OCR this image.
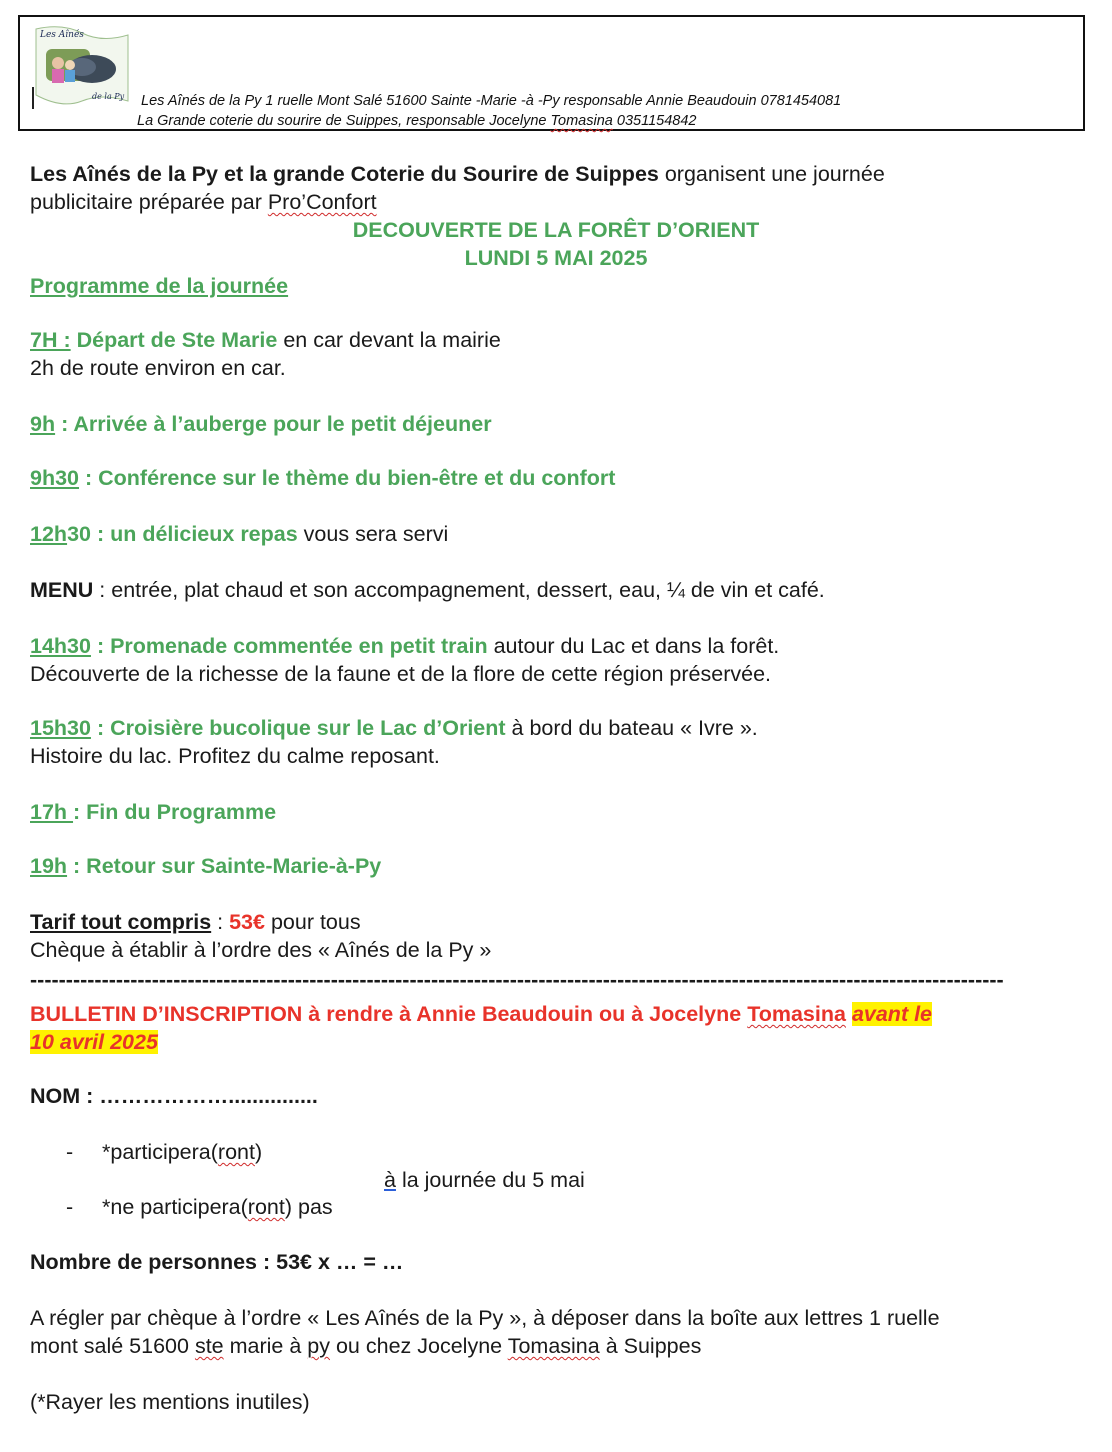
Les Aînés
de la Py Les Aînés de la Py 1 ruelle Mont Salé 51600 Sainte -Marie -à -Py responsable Annie Beaudouin 0781454081
La Grande coterie du sourire de Suippes, responsable Jocelyne Tomasina 0351154842
Les Aînés de la Py et la grande Coterie du Sourire de Suippes organisent une journée
publicitaire préparée par Pro’Confort
DECOUVERTE DE LA FORÊT D’ORIENT
LUNDI 5 MAI 2025
Programme de la journée
7H : Départ de Ste Marie en car devant la mairie
2h de route environ en car.
9h : Arrivée à l’auberge pour le petit déjeuner
9h30 : Conférence sur le thème du bien-être et du confort
12h30 : un délicieux repas vous sera servi
MENU : entrée, plat chaud et son accompagnement, dessert, eau, ¼ de vin et café.
14h30 : Promenade commentée en petit train autour du Lac et dans la forêt.
Découverte de la richesse de la faune et de la flore de cette région préservée.
15h30 : Croisière bucolique sur le Lac d’Orient à bord du bateau « Ivre ».
Histoire du lac. Profitez du calme reposant.
17h : Fin du Programme
19h : Retour sur Sainte-Marie-à-Py
Tarif tout compris : 53€ pour tous
Chèque à établir à l’ordre des « Aînés de la Py »
----------------------------------------------------------------------------------------------------------------------------------------
BULLETIN D’INSCRIPTION à rendre à Annie Beaudouin ou à Jocelyne Tomasina avant le
10 avril 2025
NOM : ………………...............
- *participera(ront)
à la journée du 5 mai
- *ne participera(ront) pas
Nombre de personnes : 53€ x … = …
A régler par chèque à l’ordre « Les Aînés de la Py », à déposer dans la boîte aux lettres 1 ruelle
mont salé 51600 ste marie à py ou chez Jocelyne Tomasina à Suippes
(*Rayer les mentions inutiles)
